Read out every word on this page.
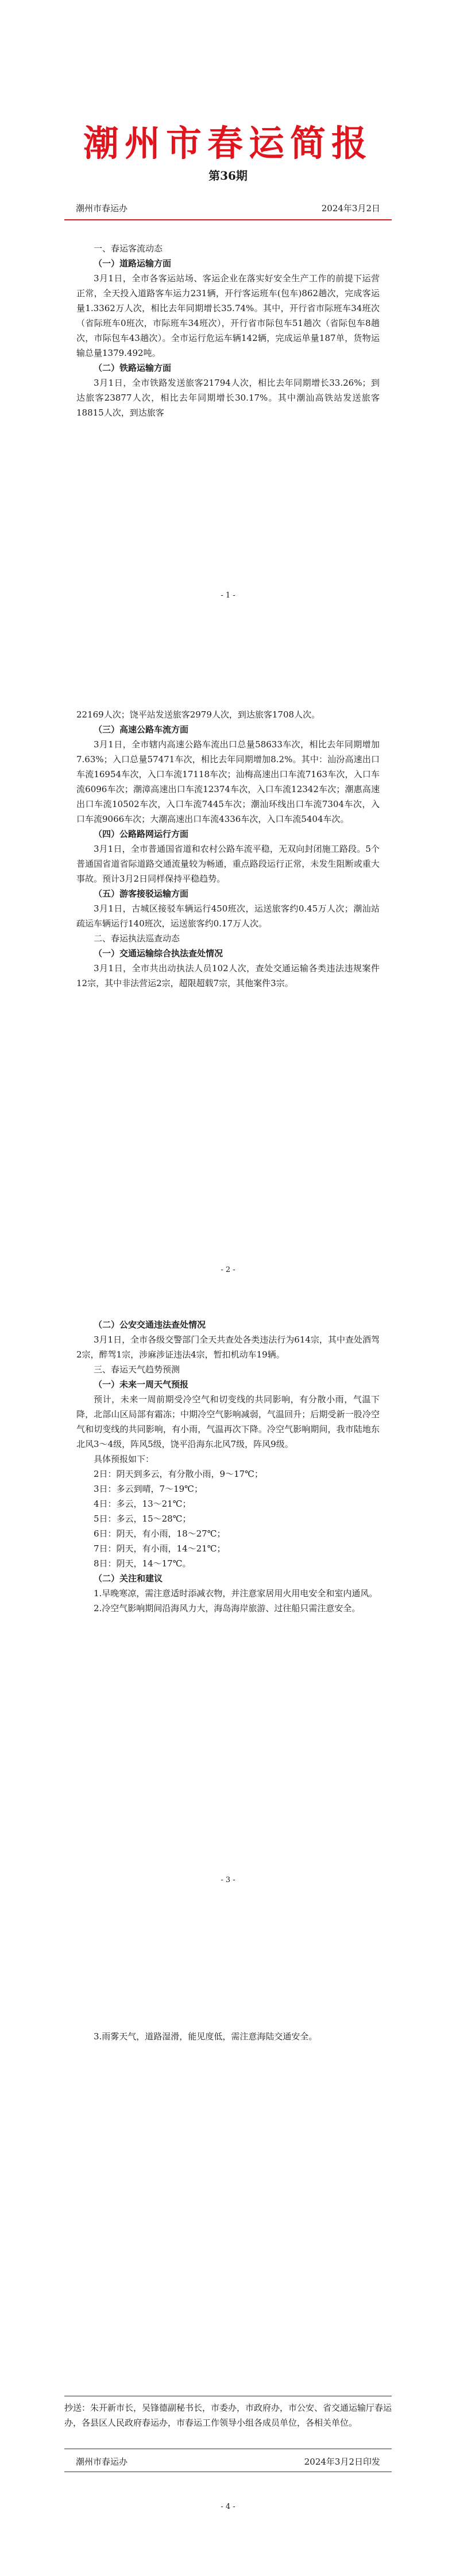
潮州市春运简报
第36期
潮州市春运办	2024年3月2日

一、春运客流动态

（一）道路运输方面

3月1日，全市各客运站场、客运企业在落实好安全生产工作的前提下运营正常，全天投入道路客车运力231辆，开行客运班车(包车)862趟次，完成客运量1.3362万人次，相比去年同期增长35.74%。其中，开行省市际班车34班次（省际班车0班次，市际班车34班次），开行省市际包车51趟次（省际包车8趟次，市际包车43趟次）。全市运行危运车辆142辆，完成运单量187单，货物运输总量1379.492吨。

（二）铁路运输方面

3月1日，全市铁路发送旅客21794人次，相比去年同期增长33.26%；到达旅客23877人次，相比去年同期增长30.17%。其中潮汕高铁站发送旅客18815人次，到达旅客

- 1 -

22169人次；饶平站发送旅客2979人次，到达旅客1708人次。

（三）高速公路车流方面

3月1日，全市辖内高速公路车流出口总量58633车次，相比去年同期增加7.63%；入口总量57471车次，相比去年同期增加8.2%。其中：汕汾高速出口车流16954车次，入口车流17118车次；汕梅高速出口车流7163车次，入口车流6096车次；潮漳高速出口车流12374车次，入口车流12342车次；潮惠高速出口车流10502车次，入口车流7445车次；潮汕环线出口车流7304车次，入口车流9066车次；大潮高速出口车流4336车次，入口车流5404车次。

（四）公路路网运行方面

3月1日，全市普通国省道和农村公路车流平稳，无双向封闭施工路段。5个普通国省道省际道路交通流量较为畅通，重点路段运行正常，未发生阻断或重大事故。预计3月2日同样保持平稳趋势。

（五）游客接驳运输方面

3月1日，古城区接驳车辆运行450班次，运送旅客约0.45万人次；潮汕站疏运车辆运行140班次，运送旅客约0.17万人次。

二、春运执法巡查动态

（一）交通运输综合执法查处情况

3月1日，全市共出动执法人员102人次，查处交通运输各类违法违规案件12宗，其中非法营运2宗，超限超载7宗，其他案件3宗。

（二）公安交通违法查处情况

3月1日，全市各级交警部门全天共查处各类违法行为614宗，其中查处酒驾2宗，醉驾1宗，涉麻涉证违法4宗，暂扣机动车19辆。

三、春运天气趋势预测

（一）未来一周天气预报

预计，未来一周前期受冷空气和切变线的共同影响，有分散小雨，气温下降，北部山区局部有霜冻；中期冷空气影响减弱，气温回升；后期受新一股冷空气和切变线的共同影响，有小雨，气温再次下降。冷空气影响期间，我市陆地东北风3～4级，阵风5级，饶平沿海东北风7级，阵风9级。

具体预报如下：

2日：阴天到多云，有分散小雨，9～17℃；

3日：多云到晴，7～19℃；

4日：多云，13～21℃；

5日：多云，15～28℃；

6日：阴天，有小雨，18～27℃；

7日：阴天，有小雨，14～21℃；

8日：阴天，14～17℃。

（二）关注和建议

1.早晚寒凉，需注意适时添减衣物，并注意家居用火用电安全和室内通风。

2.冷空气影响期间沿海风力大，海岛海岸旅游、过往船只需注意安全。

- 3 -

3.雨雾天气，道路湿滑，能见度低，需注意海陆交通安全。

抄送：朱开新市长，吴锋德副秘书长，市委办，市政府办，市公安、省交通运输厅春运办，各县区人民政府春运办，市春运工作领导小组各成员单位，各相关单位。
潮州市春运办	2024年3月2日印发
- 4 -
- 2 -
